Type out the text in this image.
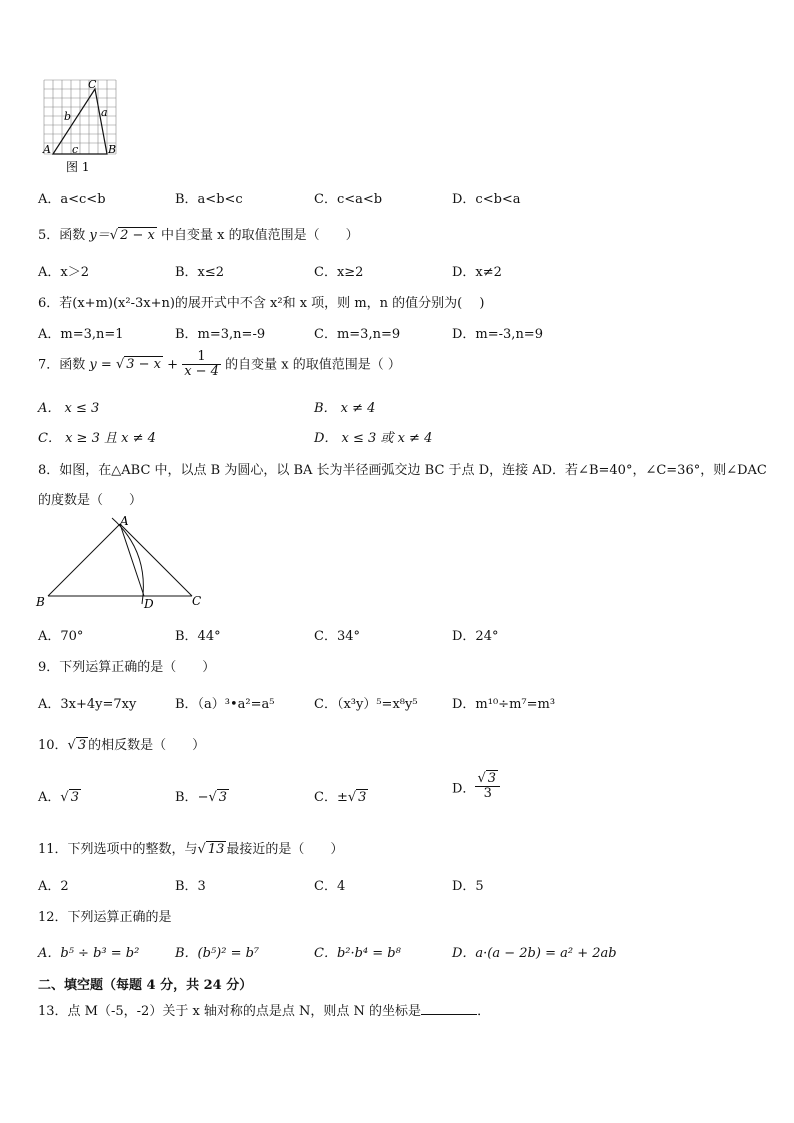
C
a
b
A c	B
图 1
A．a<c<b	B．a<b<c	C．c<a<b	D．c<b<a
5．函数 y＝√ 2 − x 中自变量 x 的取值范围是（　　）
A．x＞2	B．x≤2	C．x≥2	D．x≠2
6．若(x+m)(x²-3x+n)的展开式中不含 x²和 x 项，则 m，n 的值分别为(　 )
A．m=3,n=1	B．m=3,n=-9	C．m=3,n=9	D．m=-3,n=9
7．函数 y = √ $3 - x + \frac{1}{x - 4}$ 的自变量 x 的取值范围是（ ）
A． x ≤ 3	B． x ≠ 4
C． x ≥ 3 且 x ≠ 4	D． x ≤ 3 或 x ≠ 4
8．如图，在△ABC 中，以点 B 为圆心，以 BA 长为半径画弧交边 BC 于点 D，连接 AD．若∠B=40°，∠C=36°，则∠DAC
的度数是（　　）
A
B	D	C
A．70°	B．44°	C．34°	D．24°
9．下列运算正确的是（　　）
A．3x+4y=7xy	B．（a）³•a²=a⁵	C．（x³y）⁵=x⁸y⁵	D．m¹⁰÷m⁷=m³
10．√ 3 的相反数是（　　）
A．√ 3	B．−√ 3	C．±√ 3
D． $\frac{√ 3}{3}$
11．下列选项中的整数，与√ 13 最接近的是（　　）
A．2	B．3	C．4	D．5
12．下列运算正确的是
A．b⁵ ÷ b³ = b²	B．(b⁵)² = b⁷	C．b²·b⁴ = b⁸	D．a·(a − 2b) = a² + 2ab
二、填空题（每题 4 分，共 24 分）
13．点 M（-5，-2）关于 x 轴对称的点是点 N，则点 N 的坐标是	．
